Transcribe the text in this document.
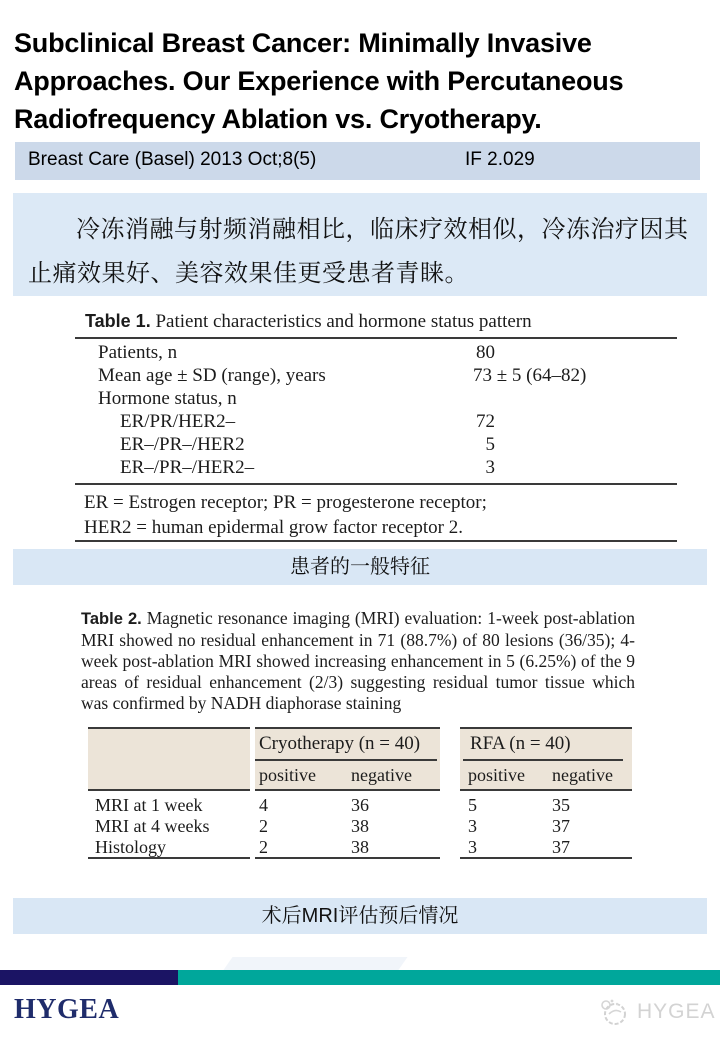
Subclinical Breast Cancer: Minimally Invasive
Approaches. Our Experience with Percutaneous
Radiofrequency Ablation vs. Cryotherapy.
Breast Care (Basel) 2013 Oct;8(5)	IF 2.029
冷冻消融与射频消融相比，临床疗效相似，冷冻治疗因其
止痛效果好、美容效果佳更受患者青睐。
Table 1. Patient characteristics and hormone status pattern
Patients, n	80
Mean age ± SD (range), years	73 ± 5 (64–82)
Hormone status, n
ER/PR/HER2–	72
ER–/PR–/HER2	5
ER–/PR–/HER2–	3
ER = Estrogen receptor; PR = progesterone receptor;
HER2 = human epidermal grow factor receptor 2.
患者的一般特征
Table 2. Magnetic resonance imaging (MRI) evaluation: 1-week post-ablation MRI showed no residual enhancement in 71 (88.7%) of 80 lesions (36/35); 4-week post-ablation MRI showed increasing enhancement in 5 (6.25%) of the 9 areas of residual enhancement (2/3) suggesting residual tumor tissue which was confirmed by NADH diaphorase staining
Cryotherapy (n = 40)	RFA (n = 40)
positive negative	positive negative
MRI at 1 week	4	36	5	35
MRI at 4 weeks	2	38	3	37
Histology	2	38	3	37
术后MRI评估预后情况
HYGEA	HYGEA
